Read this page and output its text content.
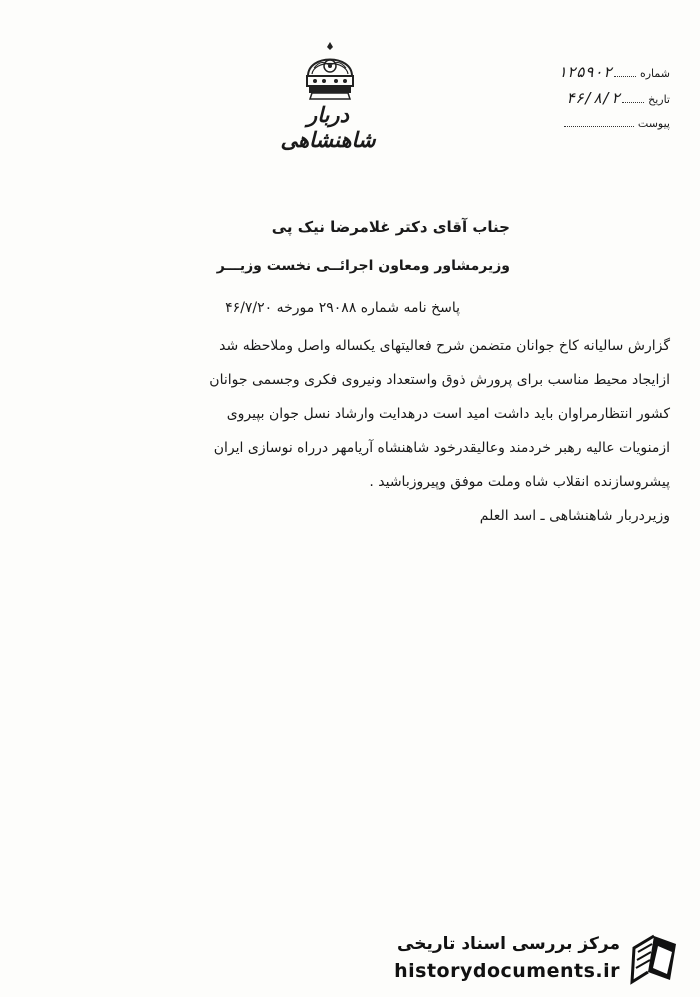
دربار شاهنشاهی
شماره
۱۲۵۹۰۲
تاریخ
۴۶/۸/۲
پیوست
جناب آقای دکتر غلامرضا نیک پی
وزیرمشاور ومعاون اجرائــی نخست وزیـــر
پاسخ نامه شماره ۲۹۰۸۸ مورخه ۴۶/۷/۲۰
گزارش سالیانه کاخ جوانان متضمن شرح فعالیتهای یکساله واصل وملاحظه شد
ازایجاد محیط مناسب برای پرورش ذوق واستعداد ونیروی فکری وجسمی جوانان
کشور انتظارمراوان باید داشت امید است درهدایت وارشاد نسل جوان بپیروی
ازمنویات عالیه رهبر خردمند وعالیقدرخود شاهنشاه آریامهر درراه نوسازی ایران
پیشروسازنده انقلاب شاه وملت موفق وپیروزباشید .
وزیردربار شاهنشاهی ـ اسد العلم
مرکز بررسی اسناد تاریخی
historydocuments.ir
